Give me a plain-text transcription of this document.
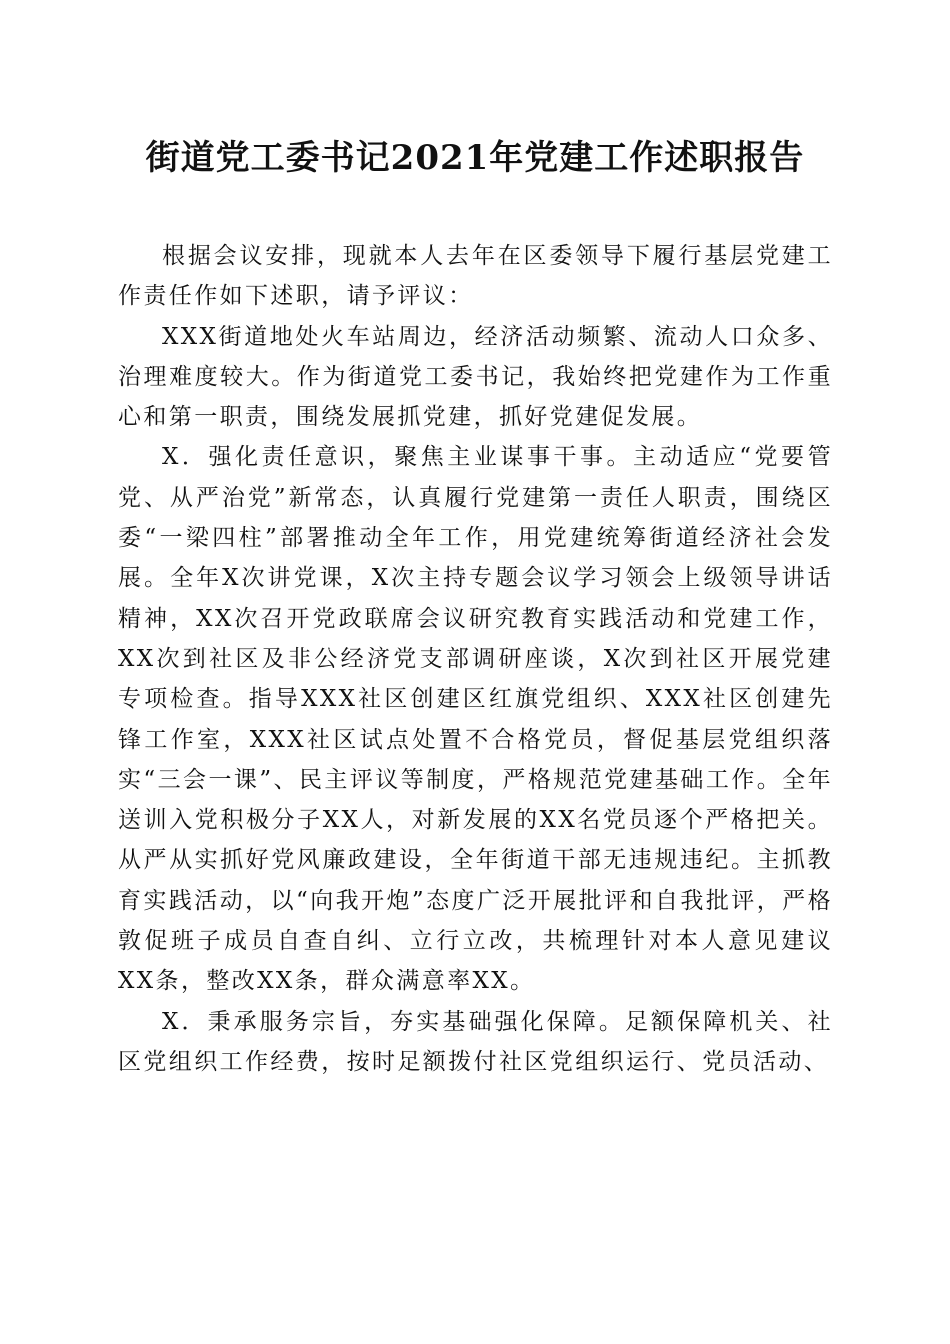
街道党工委书记2021年党建工作述职报告

根据会议安排，现就本人去年在区委领导下履行基层党建工作责任作如下述职，请予评议：

XXX街道地处火车站周边，经济活动频繁、流动人口众多、治理难度较大。作为街道党工委书记，我始终把党建作为工作重心和第一职责，围绕发展抓党建，抓好党建促发展。

X．强化责任意识，聚焦主业谋事干事。主动适应“党要管党、从严治党”新常态，认真履行党建第一责任人职责，围绕区委“一梁四柱”部署推动全年工作，用党建统筹街道经济社会发展。全年X次讲党课，X次主持专题会议学习领会上级领导讲话精神，XX次召开党政联席会议研究教育实践活动和党建工作，XX次到社区及非公经济党支部调研座谈，X次到社区开展党建专项检查。指导XXX社区创建区红旗党组织、XXX社区创建先锋工作室，XXX社区试点处置不合格党员，督促基层党组织落实“三会一课”、民主评议等制度，严格规范党建基础工作。全年送训入党积极分子XX人，对新发展的XX名党员逐个严格把关。从严从实抓好党风廉政建设，全年街道干部无违规违纪。主抓教育实践活动，以“向我开炮”态度广泛开展批评和自我批评，严格敦促班子成员自查自纠、立行立改，共梳理针对本人意见建议XX条，整改XX条，群众满意率XX。

X．秉承服务宗旨，夯实基础强化保障。足额保障机关、社区党组织工作经费，按时足额拨付社区党组织运行、党员活动、
